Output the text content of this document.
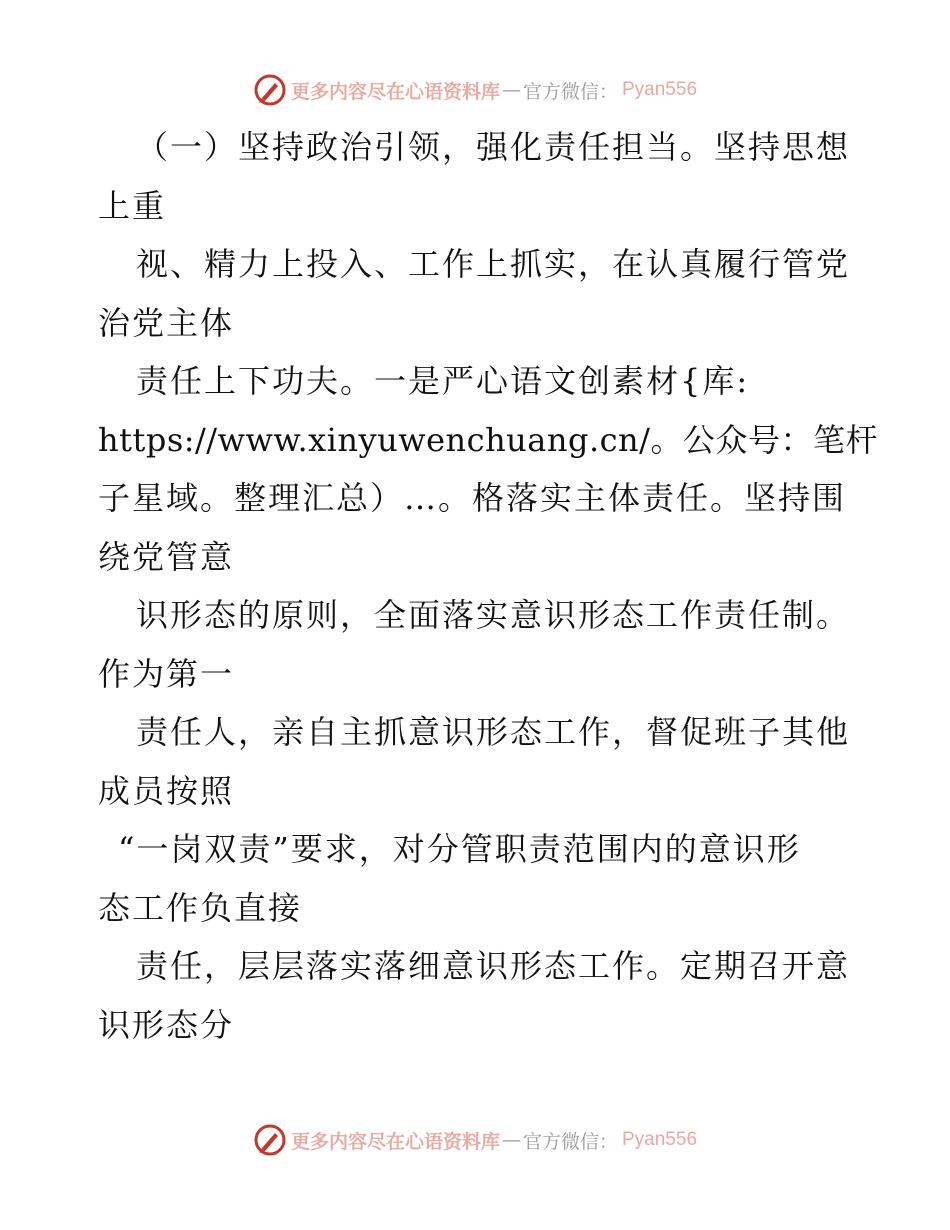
更多内容尽在心语资料库 — 官方微信： Pyan556
（一）坚持政治引领，强化责任担当。坚持思想
上重
视、精力上投入、工作上抓实，在认真履行管党
治党主体
责任上下功夫。一是严心语文创素材{库:
https://www.xinyuwenchuang.cn/。公众号：笔杆
子星域。整理汇总）…。格落实主体责任。坚持围
绕党管意
识形态的原则，全面落实意识形态工作责任制。
作为第一
责任人，亲自主抓意识形态工作，督促班子其他
成员按照
“一岗双责”要求，对分管职责范围内的意识形
态工作负直接
责任，层层落实落细意识形态工作。定期召开意
识形态分
更多内容尽在心语资料库 — 官方微信： Pyan556
